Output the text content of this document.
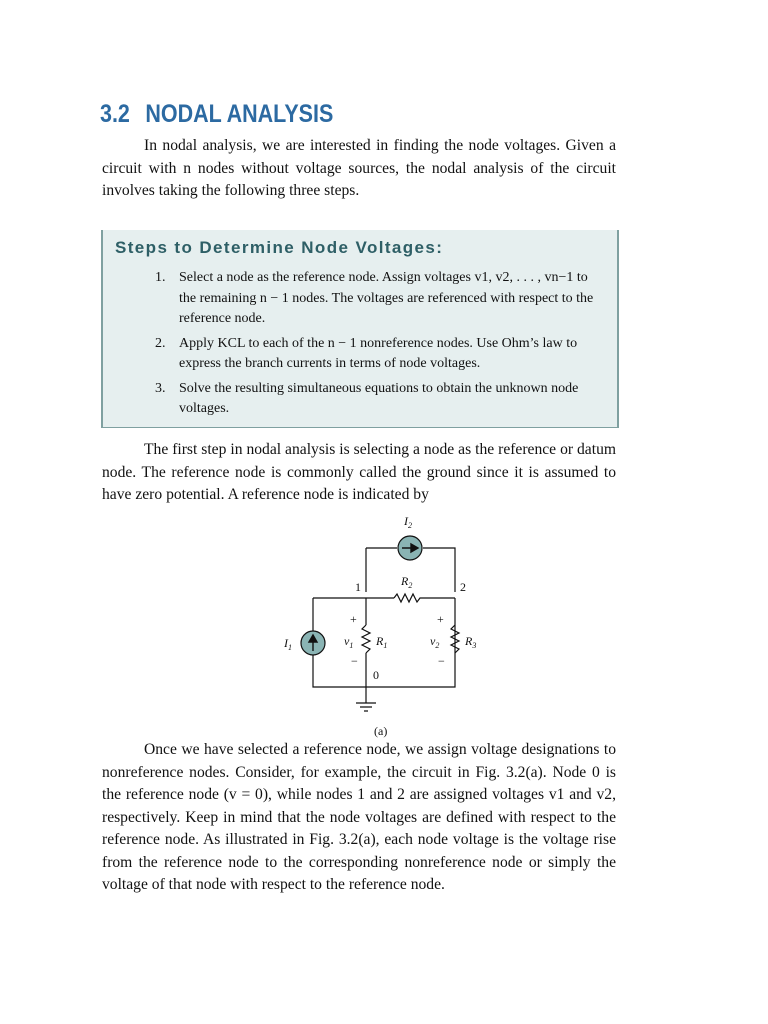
3.2 NODAL ANALYSIS

In nodal analysis, we are interested in finding the node voltages. Given a circuit with n nodes without voltage sources, the nodal analysis of the circuit involves taking the following three steps.

Steps to Determine Node Voltages:
1. Select a node as the reference node. Assign voltages v1, v2, . . . , vn−1 to the remaining n − 1 nodes. The voltages are referenced with respect to the reference node.
2. Apply KCL to each of the n − 1 nonreference nodes. Use Ohm’s law to express the branch currents in terms of node voltages.
3. Solve the resulting simultaneous equations to obtain the unknown node voltages.

The first step in nodal analysis is selecting a node as the reference or datum node. The reference node is commonly called the ground since it is assumed to have zero potential. A reference node is indicated by

$I_2$
$I_1$
$R_2$
$R_1$	$R_3$
$v_1$	$v_2$
1	2
0
+
−
+
−
(a)

Once we have selected a reference node, we assign voltage designations to nonreference nodes. Consider, for example, the circuit in Fig. 3.2(a). Node 0 is the reference node (v = 0), while nodes 1 and 2 are assigned voltages v1 and v2, respectively. Keep in mind that the node voltages are defined with respect to the reference node. As illustrated in Fig. 3.2(a), each node voltage is the voltage rise from the reference node to the corresponding nonreference node or simply the voltage of that node with respect to the reference node.
